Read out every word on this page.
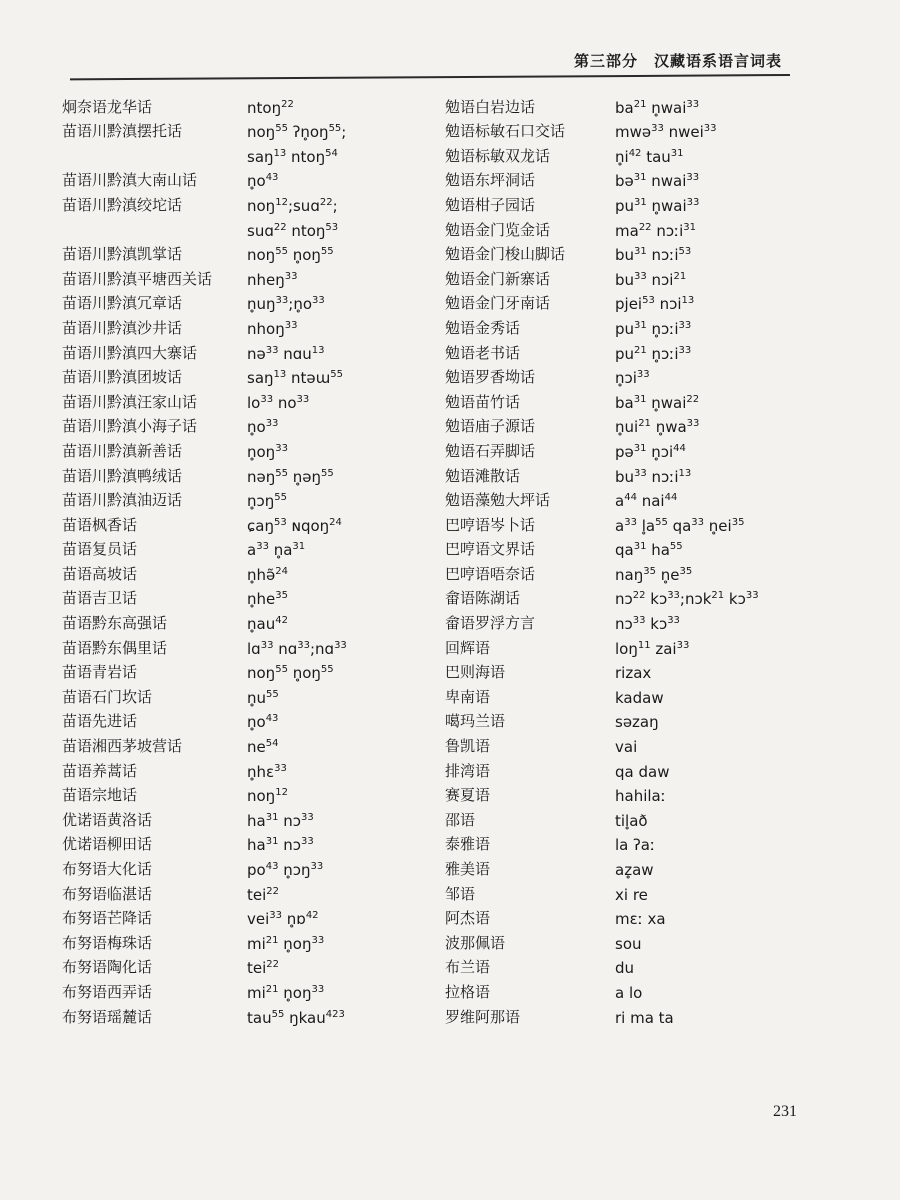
第三部分　汉藏语系语言词表
炯奈语龙华话	ntoŋ$^{22}$
苗语川黔滇摆托话	noŋ$^{55}$ $ʔn̥oŋ^{55}$;
saŋ$^{13}$ ntoŋ$^{54}$
苗语川黔滇大南山话	$n̥o^{43}$
苗语川黔滇绞坨话	noŋ$^{12}$;suɑ$^{22}$;
suɑ$^{22}$ ntoŋ$^{53}$
苗语川黔滇凯掌话	noŋ$^{55}$ $n̥oŋ^{55}$
苗语川黔滇平塘西关话	nheŋ$^{33}$
苗语川黔滇冗章话	$n̥uŋ^{33};n̥o^{33}$
苗语川黔滇沙井话	nhoŋ$^{33}$
苗语川黔滇四大寨话	nə$^{33}$ nɑu$^{13}$
苗语川黔滇团坡话	saŋ$^{13}$ ntəɯ$^{55}$
苗语川黔滇汪家山话	$lo^{33}$ $no^{33}$
苗语川黔滇小海子话	$n̥o^{33}$
苗语川黔滇新善话	$n̥oŋ^{33}$
苗语川黔滇鸭绒话	nəŋ$^{55}$ n̥əŋ$^{55}$
苗语川黔滇油迈话	n̥ɔŋ$^{55}$
苗语枫香话	ɕaŋ$^{53}$ ɴqoŋ$^{24}$
苗语复员话	$a^{33}$ $n̥a^{31}$
苗语高坡话	n̥hə̃$^{24}$
苗语吉卫话	$n̥he^{35}$
苗语黔东高强话	$n̥au^{42}$
苗语黔东偶里话	lɑ$^{33}$ nɑ$^{33}$;nɑ$^{33}$
苗语青岩话	noŋ$^{55}$ $n̥oŋ^{55}$
苗语石门坎话	$n̥u^{55}$
苗语先进话	$n̥o^{43}$
苗语湘西茅坡营话	$ne^{54}$
苗语养蒿话	n̥hɛ$^{33}$
苗语宗地话	noŋ$^{12}$
优诺语黄洛话	$ha^{31}$ nɔ$^{33}$
优诺语柳田话	$ha^{31}$ nɔ$^{33}$
布努语大化话	$po^{43}$ n̥ɔŋ$^{33}$
布努语临湛话	tei$^{22}$
布努语芒降话	vei$^{33}$ n̥ɒ$^{42}$
布努语梅珠话	$mi^{21}$ $n̥oŋ^{33}$
布努语陶化话	tei$^{22}$
布努语西弄话	$mi^{21}$ $n̥oŋ^{33}$
布努语瑶麓话	tau$^{55}$ ŋkau$^{423}$
勉语白岩边话	$ba^{21}$ n̥wai$^{33}$
勉语标敏石口交话	mwə$^{33}$ nwei$^{33}$
勉语标敏双龙话	$n̥i^{42}$ tau$^{31}$
勉语东坪洞话	bə$^{31}$ nwai$^{33}$
勉语柑子园话	$pu^{31}$ n̥wai$^{33}$
勉语金门览金话	$ma^{22}$ nɔːi$^{31}$
勉语金门梭山脚话	$bu^{31}$ nɔːi$^{53}$
勉语金门新寨话	$bu^{33}$ nɔi$^{21}$
勉语金门牙南话	pjei$^{53}$ nɔi$^{13}$
勉语金秀话	$pu^{31}$ n̥ɔːi$^{33}$
勉语老书话	$pu^{21}$ n̥ɔːi$^{33}$
勉语罗香坳话	n̥ɔi$^{33}$
勉语苗竹话	$ba^{31}$ n̥wai$^{22}$
勉语庙子源话	$n̥ui^{21}$ $n̥wa^{33}$
勉语石弄脚话	pə$^{31}$ n̥ɔi$^{44}$
勉语滩散话	$bu^{33}$ nɔːi$^{13}$
勉语藻勉大坪话	$a^{44}$ nai$^{44}$
巴哼语岑卜话	$a^{33}$ $l̥a^{55}$ $qa^{33}$ $n̥ei^{35}$
巴哼语文界话	$qa^{31}$ $ha^{55}$
巴哼语唔奈话	naŋ$^{35}$ $n̥e^{35}$
畲语陈湖话	nɔ$^{22}$ kɔ$^{33}$;nɔk$^{21}$ kɔ$^{33}$
畲语罗浮方言	nɔ$^{33}$ kɔ$^{33}$
回辉语	loŋ$^{11}$ zai$^{33}$
巴则海语	rizax
卑南语	kadaw
噶玛兰语	səzaŋ
鲁凯语	vai
排湾语	qa daw
赛夏语	hahilaː
邵语	til̥að
泰雅语	la ʔaː
雅美语	az̥aw
邹语	xi re
阿杰语	mɛː xa
波那佩语	sou
布兰语	du
拉格语	a lo
罗维阿那语	ri ma ta
231
